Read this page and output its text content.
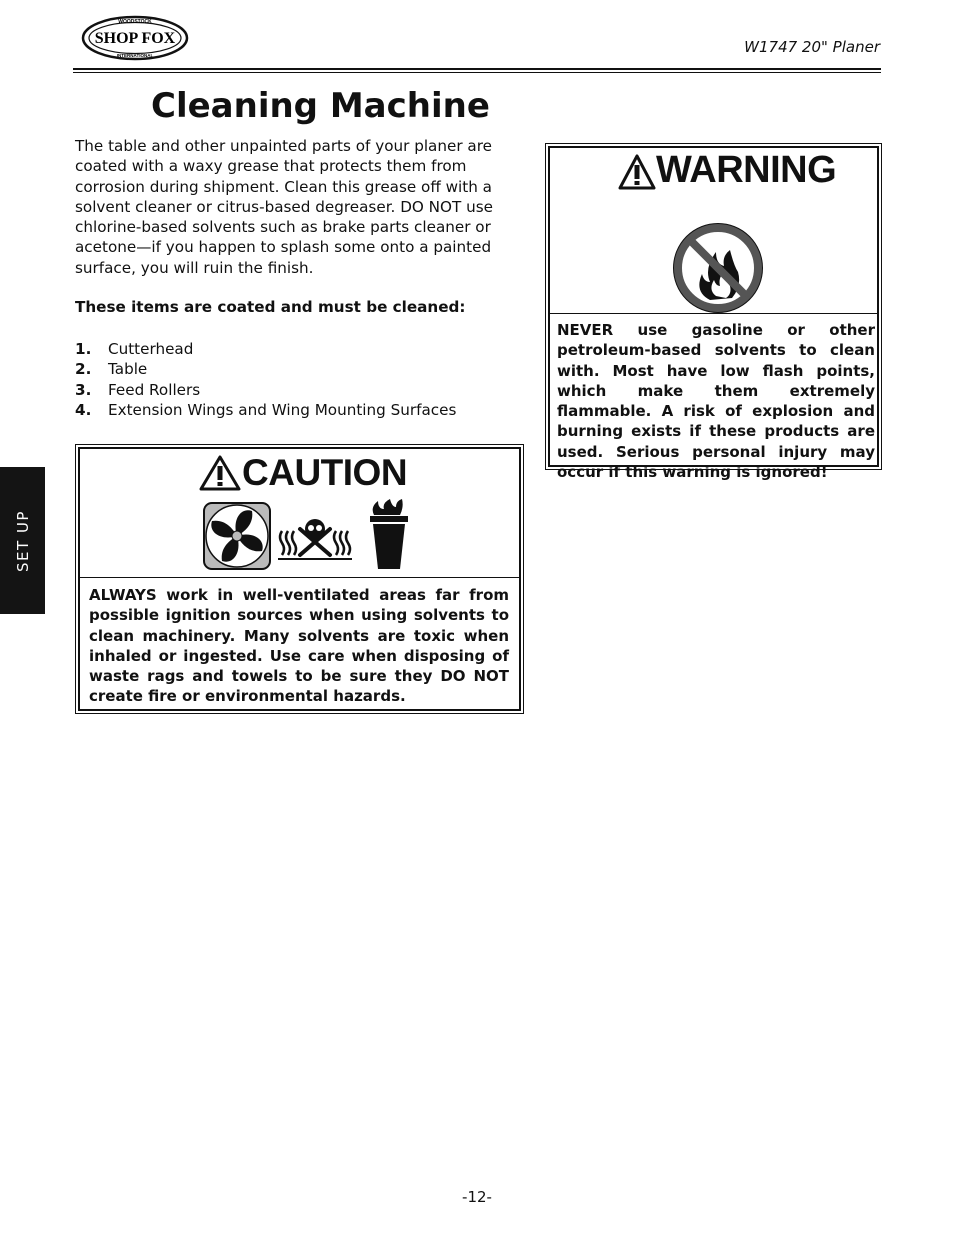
WOODSTOCK
SHOP FOX
INTERNATIONAL	W1747 20" Planer
Cleaning Machine

The table and other unpainted parts of your planer are coated with a waxy grease that protects them from corrosion during shipment. Clean this grease off with a solvent cleaner or citrus-based degreaser. DO NOT use chlorine-based solvents such as brake parts cleaner or acetone—if you happen to splash some onto a painted surface, you will ruin the finish.

These items are coated and must be cleaned:

1.	Cutterhead
2.	Table
3.	Feed Rollers
4.	Extension Wings and Wing Mounting Surfaces
SET UP
CAUTION

ALWAYS work in well-ventilated areas far from possible ignition sources when using solvents to clean machinery. Many solvents are toxic when inhaled or ingested. Use care when disposing of waste rags and towels to be sure they DO NOT create fire or environmental hazards.

WARNING

NEVER use gasoline or other petroleum-based solvents to clean with. Most have low flash points, which make them extremely flammable. A risk of explosion and burning exists if these products are used. Serious personal injury may occur if this warning is ignored!

-12-
